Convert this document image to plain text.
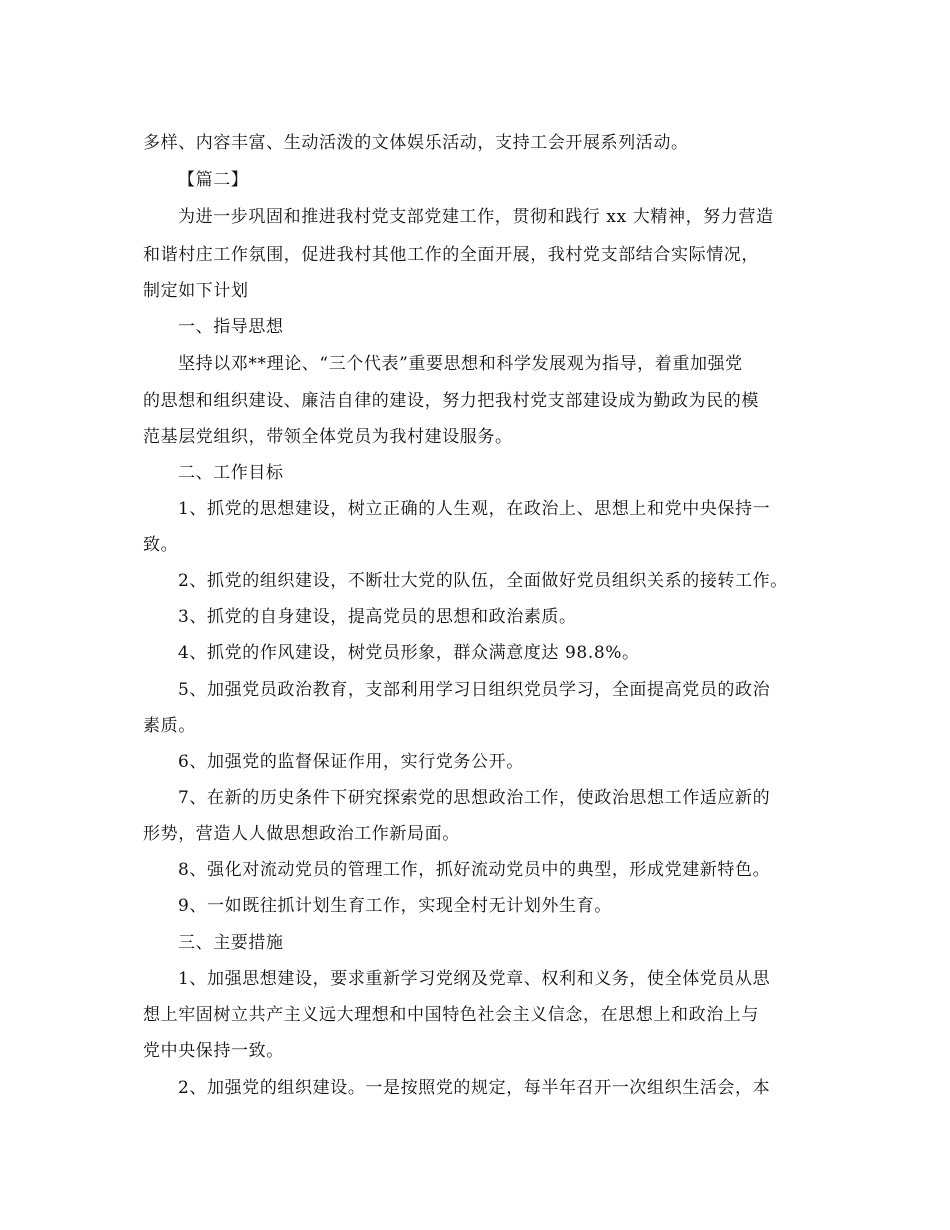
多样、内容丰富、生动活泼的文体娱乐活动，支持工会开展系列活动。

【篇二】

为进一步巩固和推进我村党支部党建工作，贯彻和践行 xx 大精神，努力营造

和谐村庄工作氛围，促进我村其他工作的全面开展，我村党支部结合实际情况，

制定如下计划

一、指导思想

坚持以邓**理论、“三个代表”重要思想和科学发展观为指导，着重加强党

的思想和组织建设、廉洁自律的建设，努力把我村党支部建设成为勤政为民的模

范基层党组织，带领全体党员为我村建设服务。

二、工作目标

1、抓党的思想建设，树立正确的人生观，在政治上、思想上和党中央保持一

致。

2、抓党的组织建设，不断壮大党的队伍，全面做好党员组织关系的接转工作。

3、抓党的自身建设，提高党员的思想和政治素质。

4、抓党的作风建设，树党员形象，群众满意度达 98.8%。

5、加强党员政治教育，支部利用学习日组织党员学习，全面提高党员的政治

素质。

6、加强党的监督保证作用，实行党务公开。

7、在新的历史条件下研究探索党的思想政治工作，使政治思想工作适应新的

形势，营造人人做思想政治工作新局面。

8、强化对流动党员的管理工作，抓好流动党员中的典型，形成党建新特色。

9、一如既往抓计划生育工作，实现全村无计划外生育。

三、主要措施

1、加强思想建设，要求重新学习党纲及党章、权利和义务，使全体党员从思

想上牢固树立共产主义远大理想和中国特色社会主义信念，在思想上和政治上与

党中央保持一致。

2、加强党的组织建设。一是按照党的规定，每半年召开一次组织生活会，本
